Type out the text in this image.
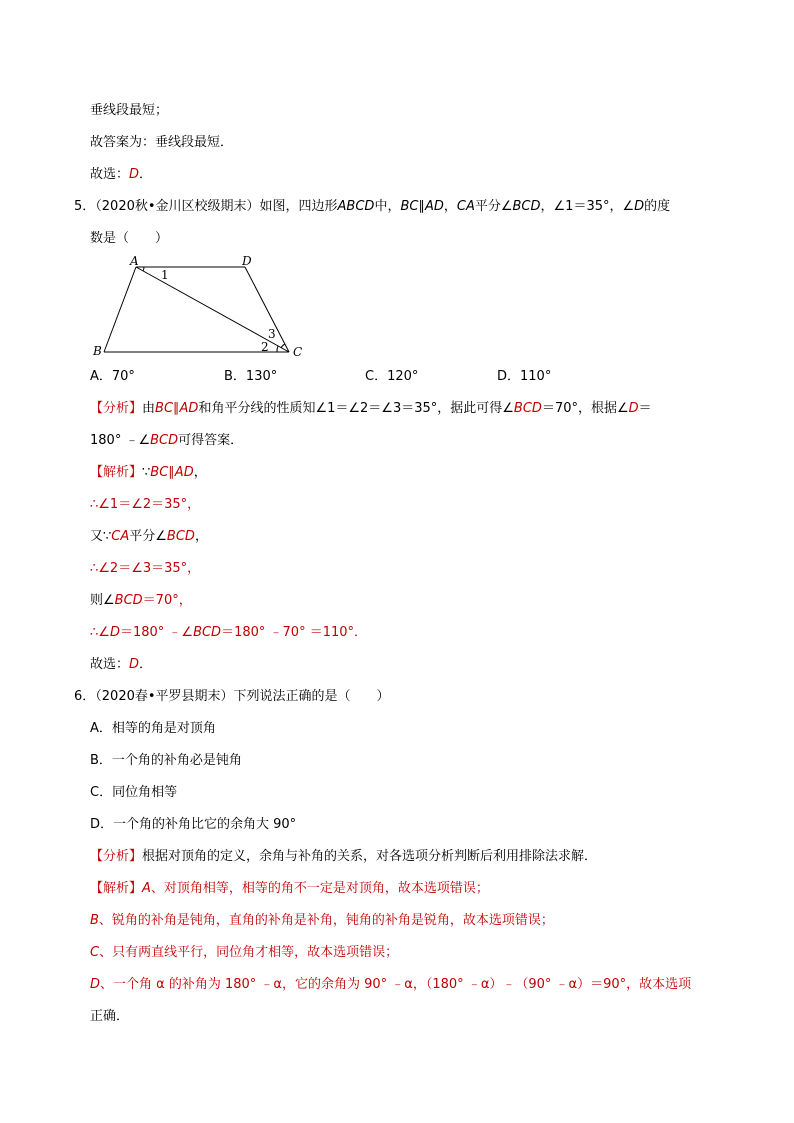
垂线段最短；
故答案为：垂线段最短．
故选：D．
5．（2020秋•金川区校级期末）如图，四边形ABCD中，BC∥AD，CA平分∠BCD，∠1＝35°，∠D的度
数是（　　）
A	D
B	C
1
2
3
A．70°	B．130°	C．120°	D．110°
【分析】由BC∥AD和角平分线的性质知∠1＝∠2＝∠3＝35°，据此可得∠BCD＝70°，根据∠D＝
180° ﹣∠BCD可得答案．
【解析】∵BC∥AD，
∴∠1＝∠2＝35°，
又∵CA平分∠BCD，
∴∠2＝∠3＝35°，
则∠BCD＝70°，
∴∠D＝180° ﹣∠BCD＝180° ﹣70° ＝110°．
故选：D．
6．（2020春•平罗县期末）下列说法正确的是（　　）
A．相等的角是对顶角
B．一个角的补角必是钝角
C．同位角相等
D．一个角的补角比它的余角大 90°
【分析】根据对顶角的定义，余角与补角的关系，对各选项分析判断后利用排除法求解．
【解析】A、对顶角相等，相等的角不一定是对顶角，故本选项错误；
B、锐角的补角是钝角，直角的补角是补角，钝角的补角是锐角，故本选项错误；
C、只有两直线平行，同位角才相等，故本选项错误；
D、一个角 α 的补角为 180° ﹣α，它的余角为 90° ﹣α，（180° ﹣α）﹣（90° ﹣α）＝90°，故本选项
正确．
